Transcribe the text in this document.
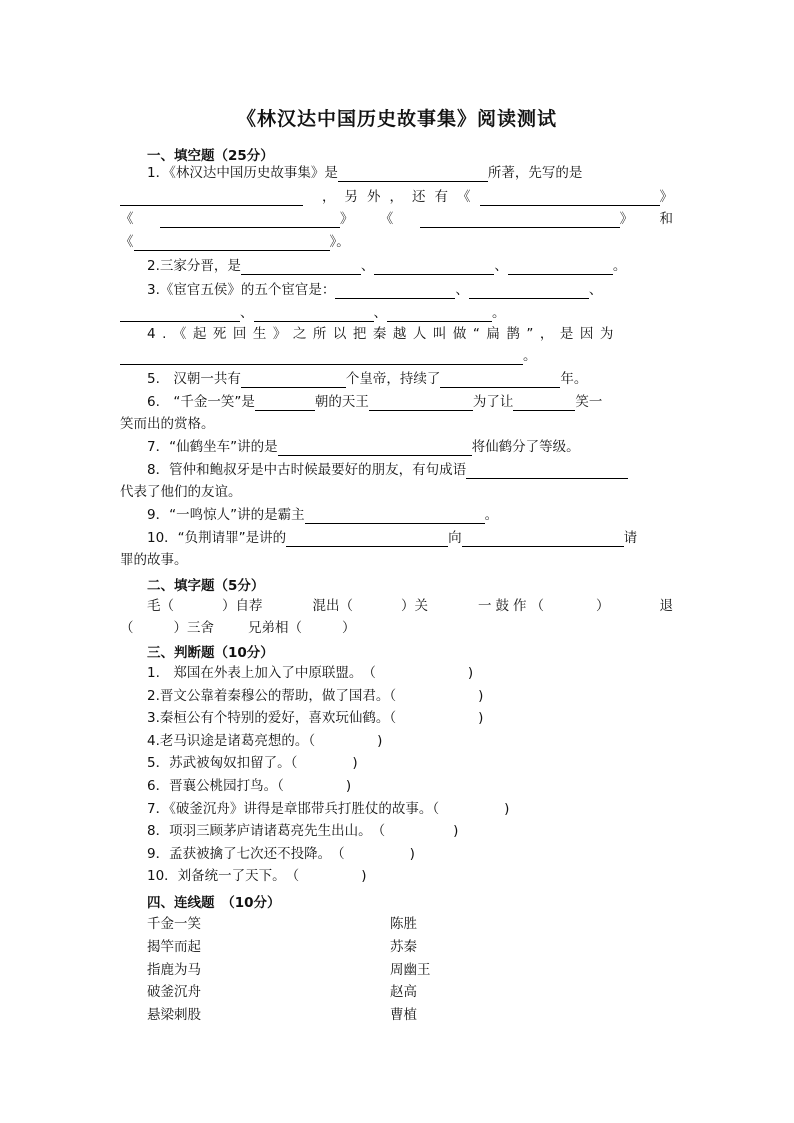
《林汉达中国历史故事集》阅读测试
一、填空题（25分）
1．《林汉达中国历史故事集》是	所著，先写的是
，另外，还有《	》
《	》 《	》 和
《	》。
2.三家分晋，是	、	、	。
3.《宦官五侯》的五个宦官是：	、	、
、	、	。
4.《起死回生》之所以把秦越人叫做“扁鹊”，是因为
。
5.　汉朝一共有	个皇帝，持续了	年。
6.　“千金一笑”是	朝的天王	为了让	笑一
笑而出的赏格。
7．“仙鹤坐车”讲的是	将仙鹤分了等级。
8．管仲和鲍叔牙是中古时候最要好的朋友，有句成语
代表了他们的友谊。
9．“一鸣惊人”讲的是霸主	。
10．“负荆请罪”是讲的	向	请
罪的故事。
二、填字题（5分）
毛（	）自荐	混出（	）关	一鼓作（	）	退
（	）三舍	兄弟相（	）
三、判断题（10分）
1.　郑国在外表上加入了中原联盟。　（	)
2.晋文公靠着秦穆公的帮助，做了国君。（	)
3.秦桓公有个特别的爱好，喜欢玩仙鹤。（	)
4.老马识途是诸葛亮想的。（	)
5．苏武被匈奴扣留了。（	)
6．晋襄公桃园打鸟。（	)
7．《破釜沉舟》讲得是章邯带兵打胜仗的故事。（	)
8．项羽三顾茅庐请诸葛亮先生出山。　（	)
9．孟获被擒了七次还不投降。　（	)
10．刘备统一了天下。　（	)
四、连线题　（10分）
千金一笑	陈胜
揭竿而起	苏秦
指鹿为马	周幽王
破釜沉舟	赵高
悬梁刺股	曹植
